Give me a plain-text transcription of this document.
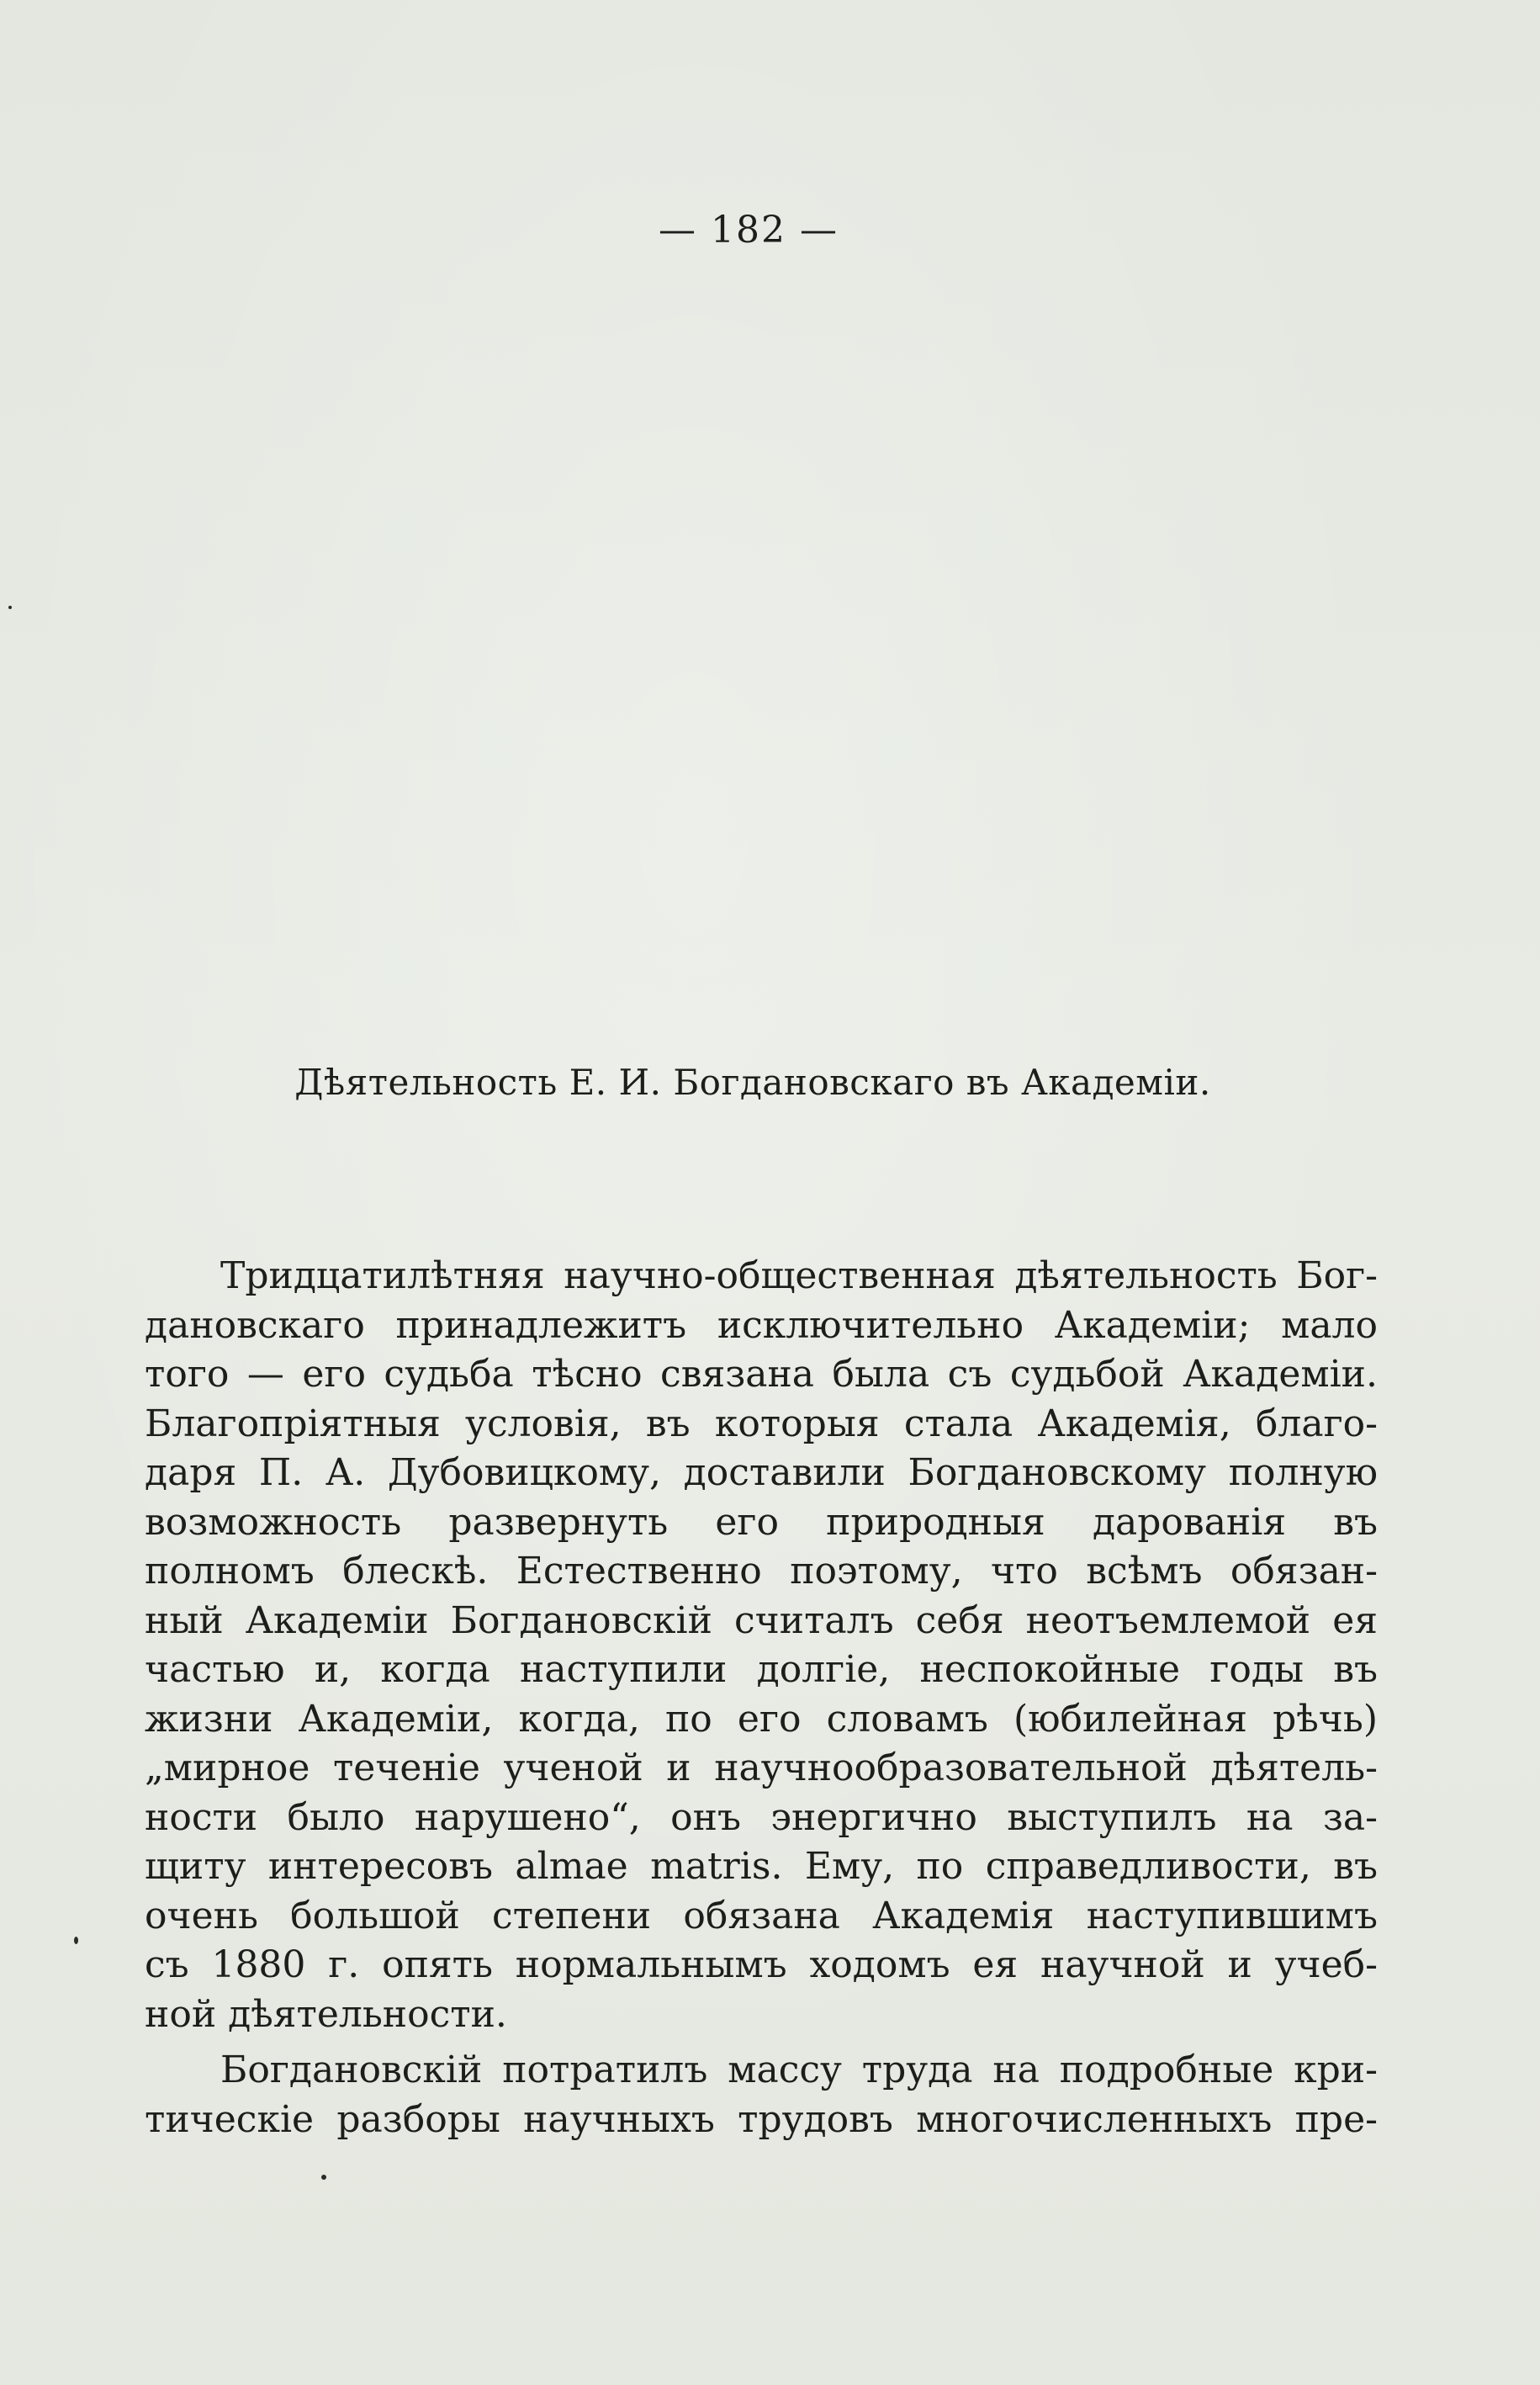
— 182 —
Дѣятельность Е. И. Богдановскаго въ Академіи.
Тридцатилѣтняя научно-общественная дѣятельность Бог-
дановскаго принадлежитъ исключительно Академіи; мало
того — его судьба тѣсно связана была съ судьбой Академіи.
Благопріятныя условія, въ которыя стала Академія, благо-
даря П. А. Дубовицкому, доставили Богдановскому полную
возможность развернуть его природныя дарованія въ
полномъ блескѣ. Естественно поэтому, что всѣмъ обязан-
ный Академіи Богдановскій считалъ себя неотъемлемой ея
частью и, когда наступили долгіе, неспокойные годы въ
жизни Академіи, когда, по его словамъ (юбилейная рѣчь)
„мирное теченіе ученой и научнообразовательной дѣятель-
ности было нарушено“, онъ энергично выступилъ на за-
щиту интересовъ almae matris. Ему, по справедливости, въ
очень большой степени обязана Академія наступившимъ
съ 1880 г. опять нормальнымъ ходомъ ея научной и учеб-
ной дѣятельности.
Богдановскій потратилъ массу труда на подробные кри-
тическіе разборы научныхъ трудовъ многочисленныхъ пре-
